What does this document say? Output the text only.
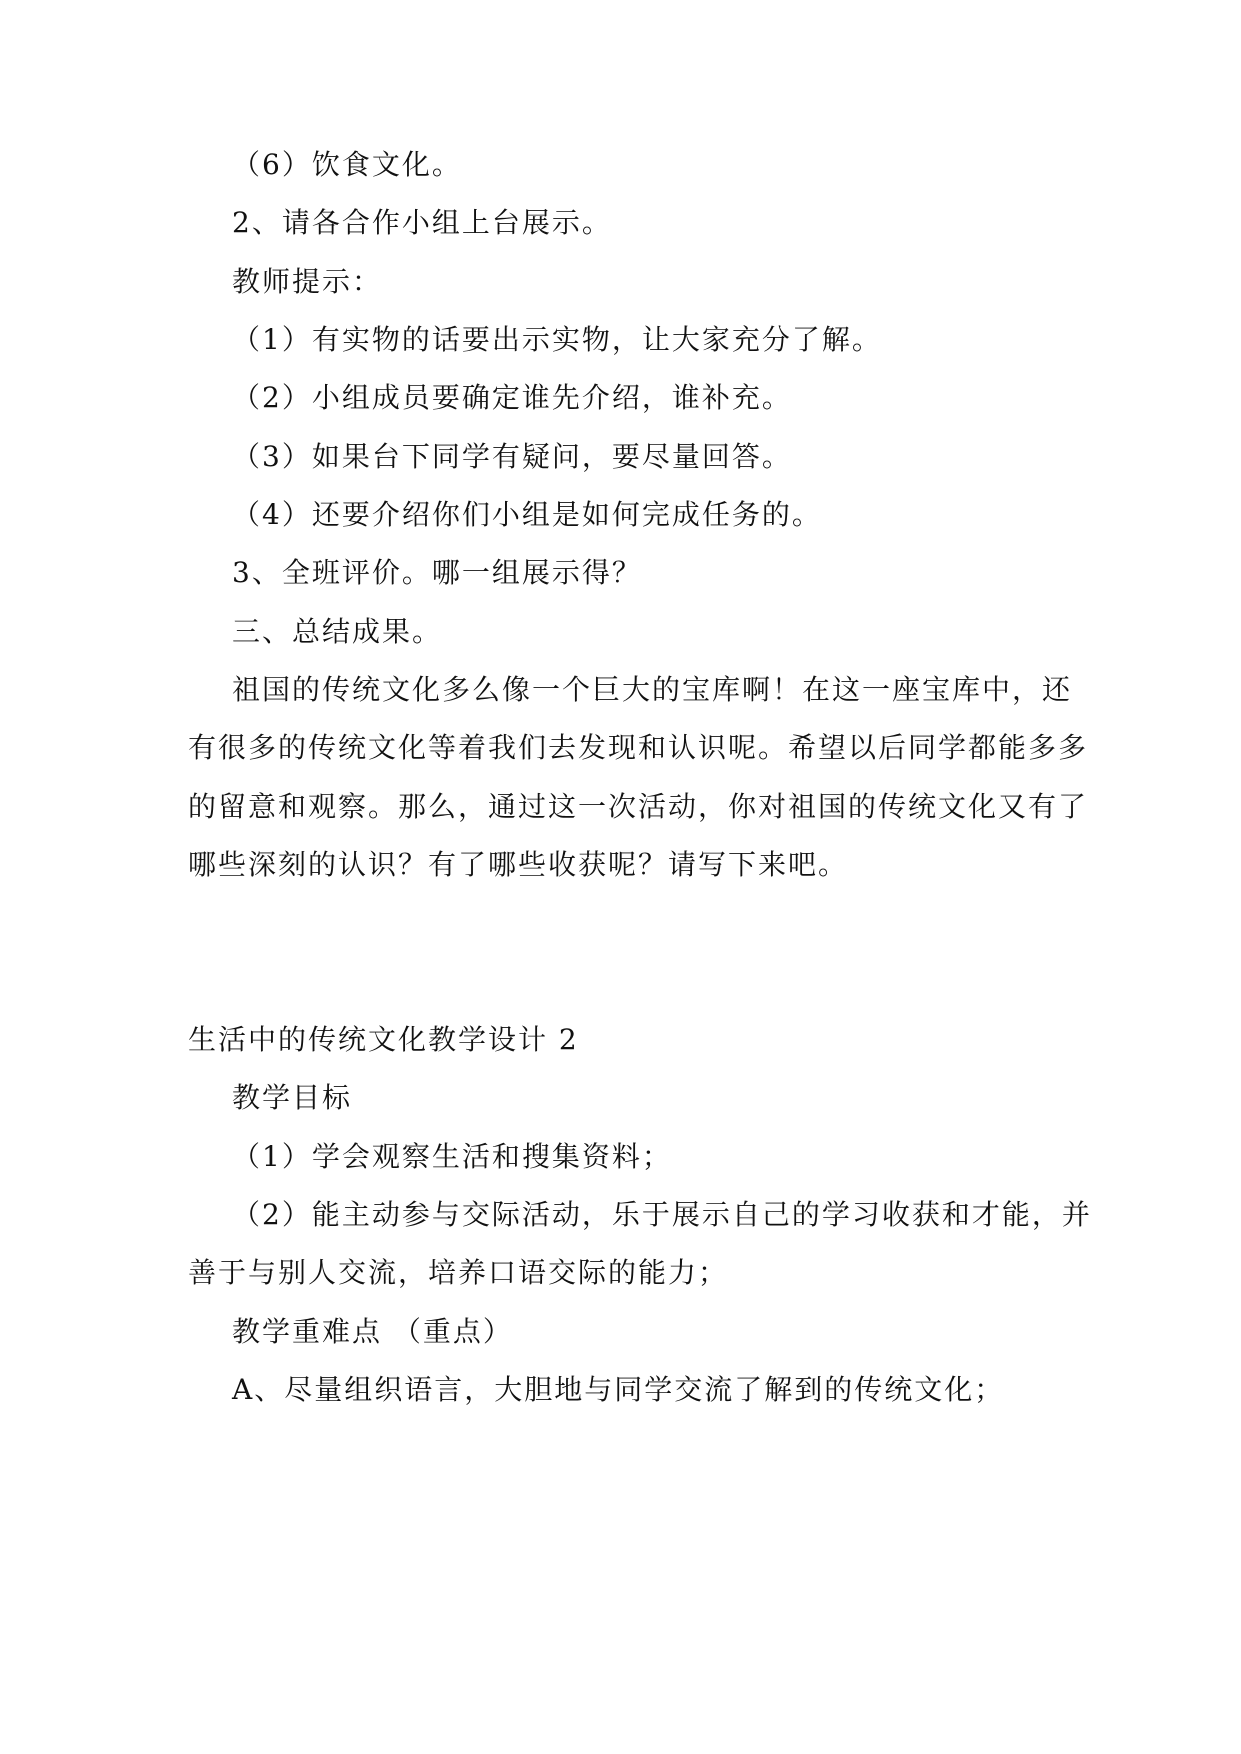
（6）饮食文化。
2、请各合作小组上台展示。
教师提示：
（1）有实物的话要出示实物，让大家充分了解。
（2）小组成员要确定谁先介绍，谁补充。
（3）如果台下同学有疑问，要尽量回答。
（4）还要介绍你们小组是如何完成任务的。
3、全班评价。哪一组展示得？
三、总结成果。
祖国的传统文化多么像一个巨大的宝库啊！在这一座宝库中，还
有很多的传统文化等着我们去发现和认识呢。希望以后同学都能多多
的留意和观察。那么，通过这一次活动，你对祖国的传统文化又有了
哪些深刻的认识？有了哪些收获呢？请写下来吧。
生活中的传统文化教学设计 2
教学目标
（1）学会观察生活和搜集资料；
（2）能主动参与交际活动，乐于展示自己的学习收获和才能，并
善于与别人交流，培养口语交际的能力；
教学重难点 （重点）
A、尽量组织语言，大胆地与同学交流了解到的传统文化；
